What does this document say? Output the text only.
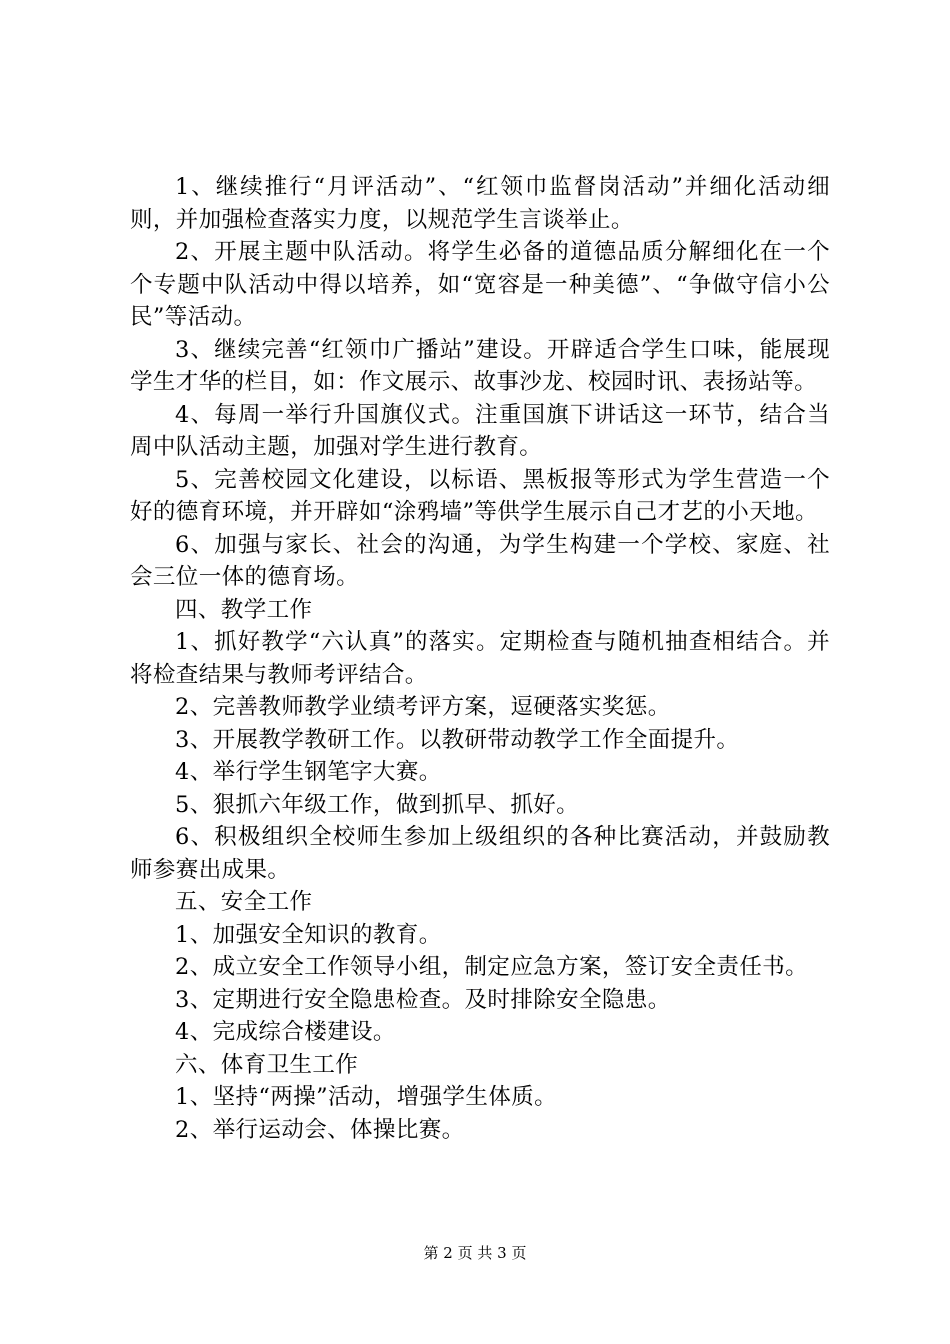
1、继续推行“月评活动”、“红领巾监督岗活动”并细化活动细则，并加强检查落实力度，以规范学生言谈举止。

2、开展主题中队活动。将学生必备的道德品质分解细化在一个个专题中队活动中得以培养，如“宽容是一种美德”、“争做守信小公民”等活动。

3、继续完善“红领巾广播站”建设。开辟适合学生口味，能展现学生才华的栏目，如：作文展示、故事沙龙、校园时讯、表扬站等。

4、每周一举行升国旗仪式。注重国旗下讲话这一环节，结合当周中队活动主题，加强对学生进行教育。

5、完善校园文化建设，以标语、黑板报等形式为学生营造一个好的德育环境，并开辟如“涂鸦墙”等供学生展示自己才艺的小天地。

6、加强与家长、社会的沟通，为学生构建一个学校、家庭、社会三位一体的德育场。

四、教学工作

1、抓好教学“六认真”的落实。定期检查与随机抽查相结合。并将检查结果与教师考评结合。

2、完善教师教学业绩考评方案，逗硬落实奖惩。

3、开展教学教研工作。以教研带动教学工作全面提升。

4、举行学生钢笔字大赛。

5、狠抓六年级工作，做到抓早、抓好。

6、积极组织全校师生参加上级组织的各种比赛活动，并鼓励教师参赛出成果。

五、安全工作

1、加强安全知识的教育。

2、成立安全工作领导小组，制定应急方案，签订安全责任书。

3、定期进行安全隐患检查。及时排除安全隐患。

4、完成综合楼建设。

六、体育卫生工作

1、坚持“两操”活动，增强学生体质。

2、举行运动会、体操比赛。

第 2 页 共 3 页
